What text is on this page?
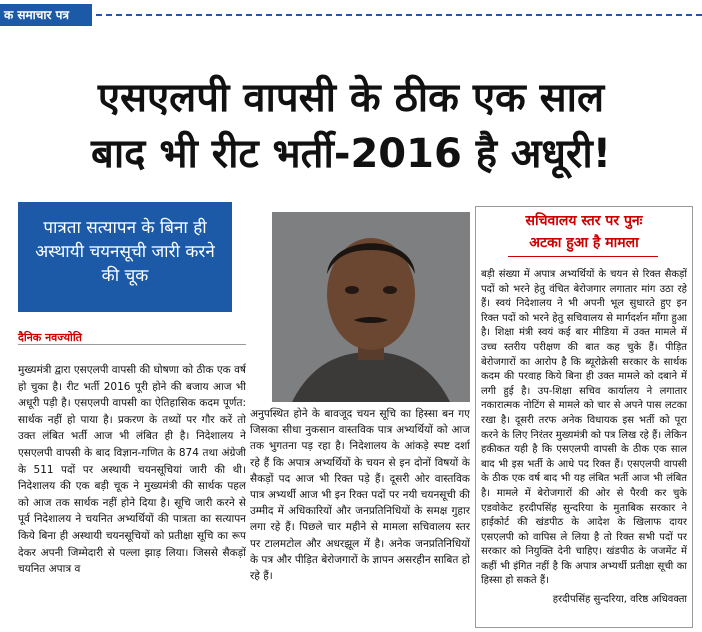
क समाचार पत्र
एसएलपी वापसी के ठीक एक साल
बाद भी रीट भर्ती-2016 है अधूरी!
पात्रता सत्यापन के बिना ही अस्थायी चयनसूची जारी करने की चूक
दैनिक नवज्योति

मुख्यमंत्री द्वारा एसएलपी वापसी की घोषणा को ठीक एक वर्ष हो चुका है। रीट भर्ती 2016 पूरी होने की बजाय आज भी अधूरी पड़ी है। एसएलपी वापसी का ऐतिहासिक कदम पूर्णत: सार्थक नहीं हो पाया है। प्रकरण के तथ्यों पर गौर करें तो उक्त लंबित भर्ती आज भी लंबित ही है। निदेशालय ने एसएलपी वापसी के बाद विज्ञान-गणित के 874 तथा अंग्रेजी के 511 पदों पर अस्थायी चयनसूचियां जारी की थी। निदेशालय की एक बड़ी चूक ने मुख्यमंत्री की सार्थक पहल को आज तक सार्थक नहीं होने दिया है। सूचि जारी करने से पूर्व निदेशालय ने चयनित अभ्यर्थियों की पात्रता का सत्यापन किये बिना ही अस्थायी चयनसूचियों को प्रतीक्षा सूचि का रूप देकर अपनी जिम्मेदारी से पल्ला झाड़ लिया। जिससे सैकड़ों चयनित अपात्र व

अनुपस्थित होने के बावजूद चयन सूचि का हिस्सा बन गए जिसका सीधा नुकसान वास्तविक पात्र अभ्यर्थियों को आज तक भुगतना पड़ रहा है। निदेशालय के आंकड़े स्पष्ट दर्शा रहे हैं कि अपात्र अभ्यर्थियों के चयन से इन दोनों विषयों के सैकड़ों पद आज भी रिक्त पड़े हैं। दूसरी ओर वास्तविक पात्र अभ्यर्थी आज भी इन रिक्त पदों पर नयी चयनसूची की उम्मीद में अधिकारियों और जनप्रतिनिधियों के समक्ष गुहार लगा रहे हैं। पिछले चार महीने से मामला सचिवालय स्तर पर टालमटोल और अधरझूल में है। अनेक जनप्रतिनिधियों के पत्र और पीड़ित बेरोजगारों के ज्ञापन असरहीन साबित हो रहे हैं।

सचिवालय स्तर पर पुनः
अटका हुआ है मामला

बड़ी संख्या में अपात्र अभ्यर्थियों के चयन से रिक्त सैकड़ों पदों को भरने हेतु वंचित बेरोजगार लगातार मांग उठा रहे हैं। स्वयं निदेशालय ने भी अपनी भूल सुधारते हुए इन रिक्त पदों को भरने हेतु सचिवालय से मार्गदर्शन माँगा हुआ है। शिक्षा मंत्री स्वयं कई बार मीडिया में उक्त मामले में उच्च स्तरीय परीक्षण की बात कह चुके हैं। पीड़ित बेरोजगारों का आरोप है कि ब्यूरोक्रेसी सरकार के सार्थक कदम की परवाह किये बिना ही उक्त मामले को दबाने में लगी हुई है। उप-शिक्षा सचिव कार्यालय ने लगातार नकारात्मक नोटिंग से मामले को चार से अपने पास लटका रखा है। दूसरी तरफ अनेक विधायक इस भर्ती को पूरा करने के लिए निरंतर मुख्यमंत्री को पत्र लिख रहे हैं। लेकिन हकीकत यही है कि एसएलपी वापसी के ठीक एक साल बाद भी इस भर्ती के आधे पद रिक्त हैं। एसएलपी वापसी के ठीक एक वर्ष बाद भी यह लंबित भर्ती आज भी लंबित है। मामले में बेरोजगारों की ओर से पैरवी कर चुके एडवोकेट हरदीपसिंह सुन्दरिया के मुताबिक सरकार ने हाईकोर्ट की खंडपीठ के आदेश के खिलाफ दायर एसएलपी को वापिस ले लिया है तो रिक्त सभी पदों पर सरकार को नियुक्ति देनी चाहिए। खंडपीठ के जजमेंट में कहीं भी इंगित नहीं है कि अपात्र अभ्यर्थी प्रतीक्षा सूची का हिस्सा हो सकते हैं।

हरदीपसिंह सुन्दरिया, वरिष्ठ अधिवक्ता
